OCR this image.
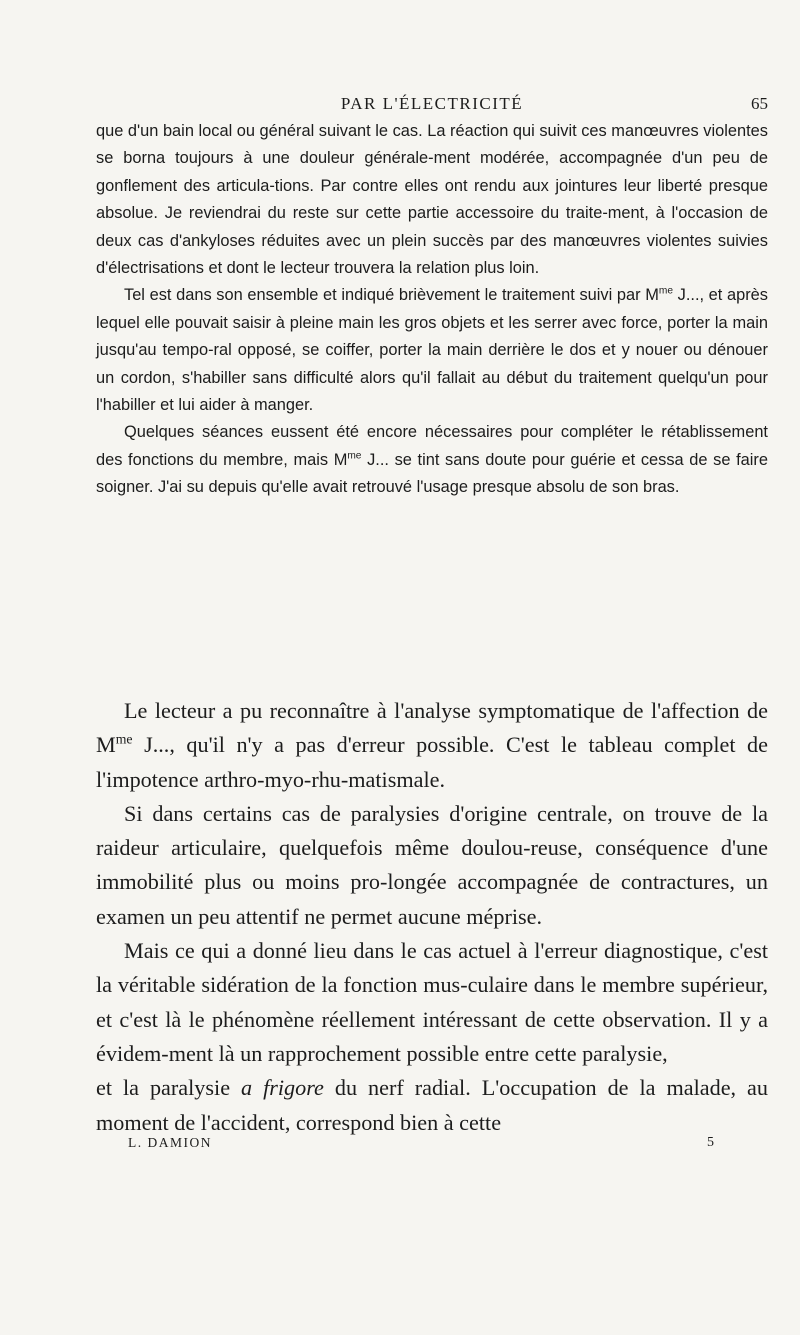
PAR L'ÉLECTRICITÉ	65

que d'un bain local ou général suivant le cas. La réaction qui suivit ces manœuvres violentes se borna toujours à une douleur générale-ment modérée, accompagnée d'un peu de gonflement des articula-tions. Par contre elles ont rendu aux jointures leur liberté presque absolue. Je reviendrai du reste sur cette partie accessoire du traite-ment, à l'occasion de deux cas d'ankyloses réduites avec un plein succès par des manœuvres violentes suivies d'électrisations et dont le lecteur trouvera la relation plus loin.

Tel est dans son ensemble et indiqué brièvement le traitement suivi par $M^{me}$ J..., et après lequel elle pouvait saisir à pleine main les gros objets et les serrer avec force, porter la main jusqu'au tempo-ral opposé, se coiffer, porter la main derrière le dos et y nouer ou dénouer un cordon, s'habiller sans difficulté alors qu'il fallait au début du traitement quelqu'un pour l'habiller et lui aider à manger.

Quelques séances eussent été encore nécessaires pour compléter le rétablissement des fonctions du membre, mais $M^{me}$ J... se tint sans doute pour guérie et cessa de se faire soigner. J'ai su depuis qu'elle avait retrouvé l'usage presque absolu de son bras.

Le lecteur a pu reconnaître à l'analyse symptomatique de l'affection de $M^{me}$ J..., qu'il n'y a pas d'erreur possible. C'est le tableau complet de l'impotence arthro-myo-rhu-matismale.

Si dans certains cas de paralysies d'origine centrale, on trouve de la raideur articulaire, quelquefois même doulou-reuse, conséquence d'une immobilité plus ou moins pro-longée accompagnée de contractures, un examen un peu attentif ne permet aucune méprise.

Mais ce qui a donné lieu dans le cas actuel à l'erreur diagnostique, c'est la véritable sidération de la fonction mus-culaire dans le membre supérieur, et c'est là le phénomène réellement intéressant de cette observation. Il y a évidem-ment là un rapprochement possible entre cette paralysie,

et la paralysie a frigore du nerf radial. L'occupation de la malade, au moment de l'accident, correspond bien à cette

L. DAMION	5
